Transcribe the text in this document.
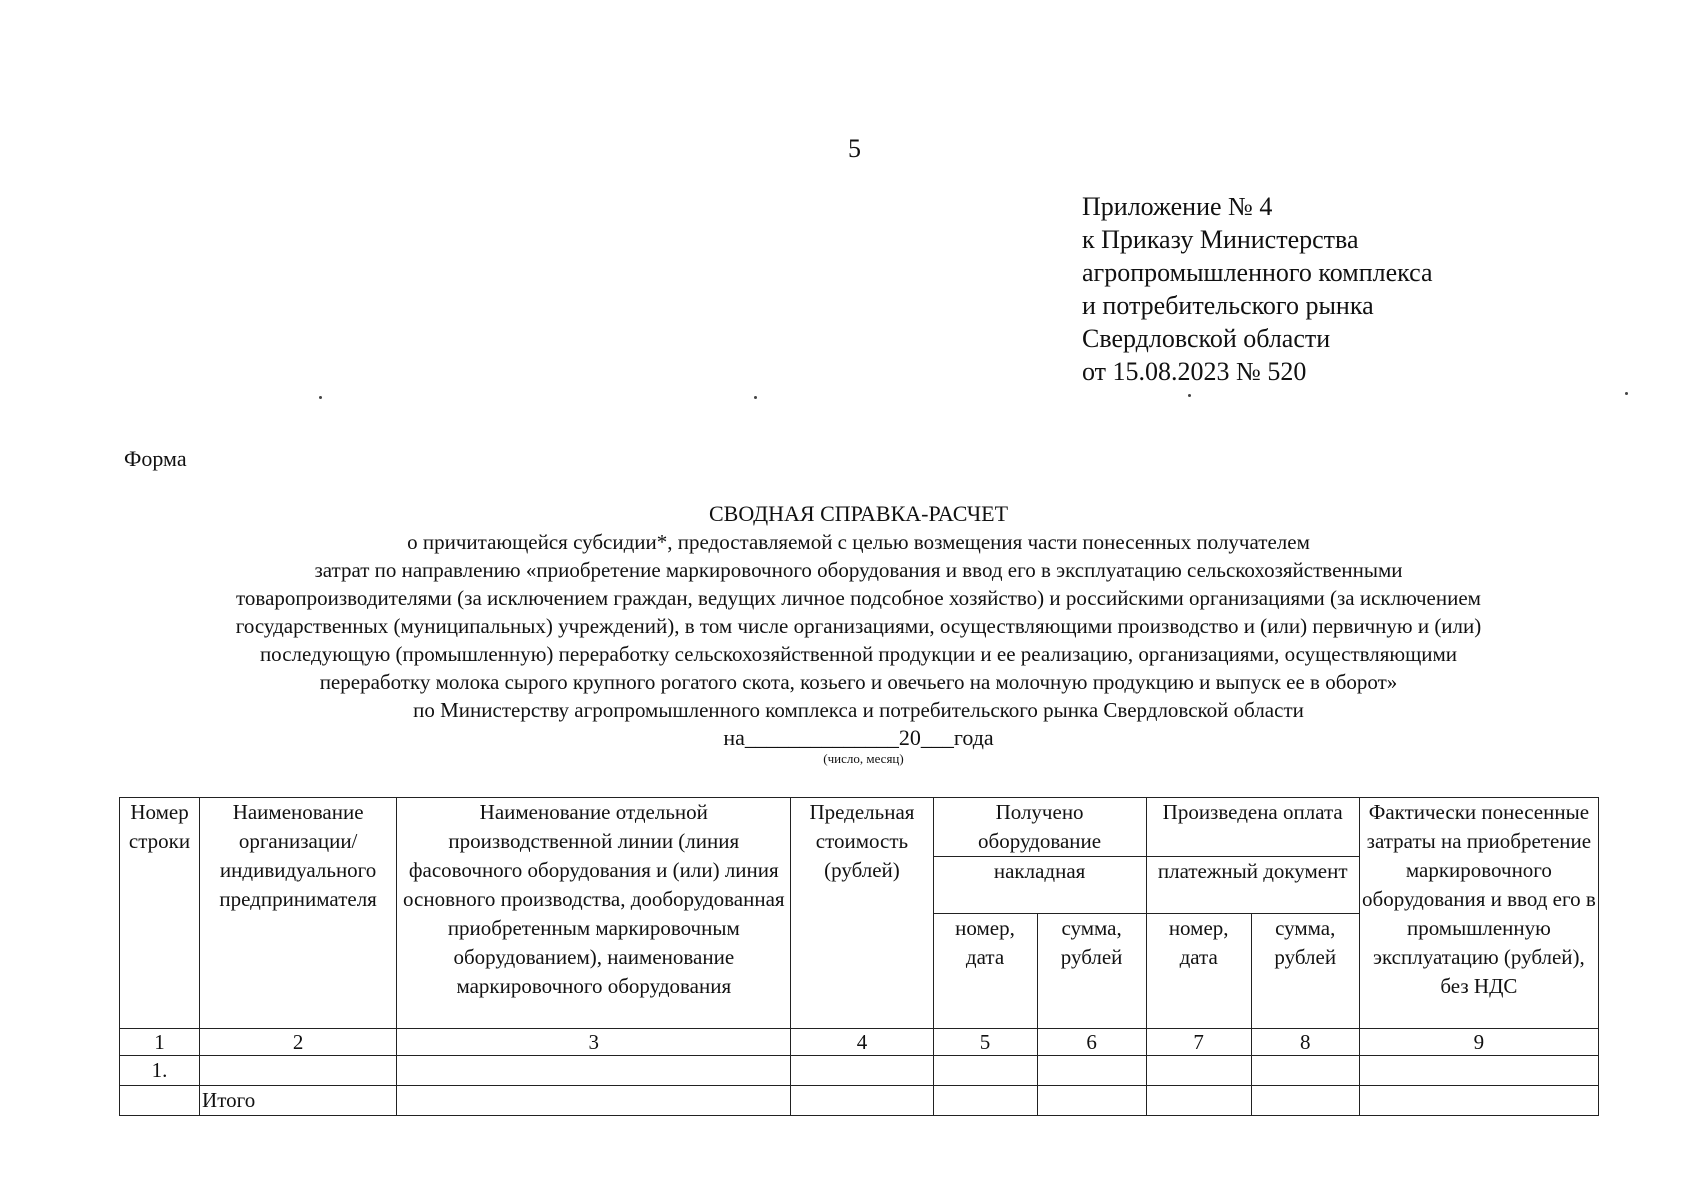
5
Приложение № 4
к Приказу Министерства
агропромышленного комплекса
и потребительского рынка
Свердловской области
от 15.08.2023 № 520
Форма
СВОДНАЯ СПРАВКА-РАСЧЕТ
о причитающейся субсидии*, предоставляемой с целью возмещения части понесенных получателем
затрат по направлению «приобретение маркировочного оборудования и ввод его в эксплуатацию сельскохозяйственными
товаропроизводителями (за исключением граждан, ведущих личное подсобное хозяйство) и российскими организациями (за исключением
государственных (муниципальных) учреждений), в том числе организациями, осуществляющими производство и (или) первичную и (или)
последующую (промышленную) переработку сельскохозяйственной продукции и ее реализацию, организациями, осуществляющими
переработку молока сырого крупного рогатого скота, козьего и овечьего на молочную продукцию и выпуск ее в оборот»
по Министерству агропромышленного комплекса и потребительского рынка Свердловской области
на______________20___года
(число, месяц)
Номер строки	Наименование организации/ индивидуального предпринимателя	Наименование отдельной производственной линии (линия фасовочного оборудования и (или) линия основного производства, дооборудованная приобретенным маркировочным оборудованием), наименование маркировочного оборудования	Предельная стоимость (рублей)	Получено оборудование		Произведена оплата		Фактически понесенные затраты на приобретение маркировочного оборудования и ввод его в промышленную эксплуатацию (рублей), без НДС

				накладная		платежный документ		

				номер, дата	сумма, рублей	номер, дата	сумма, рублей	

1	2	3	4	5	6	7	8	9
1.								
	Итого							
